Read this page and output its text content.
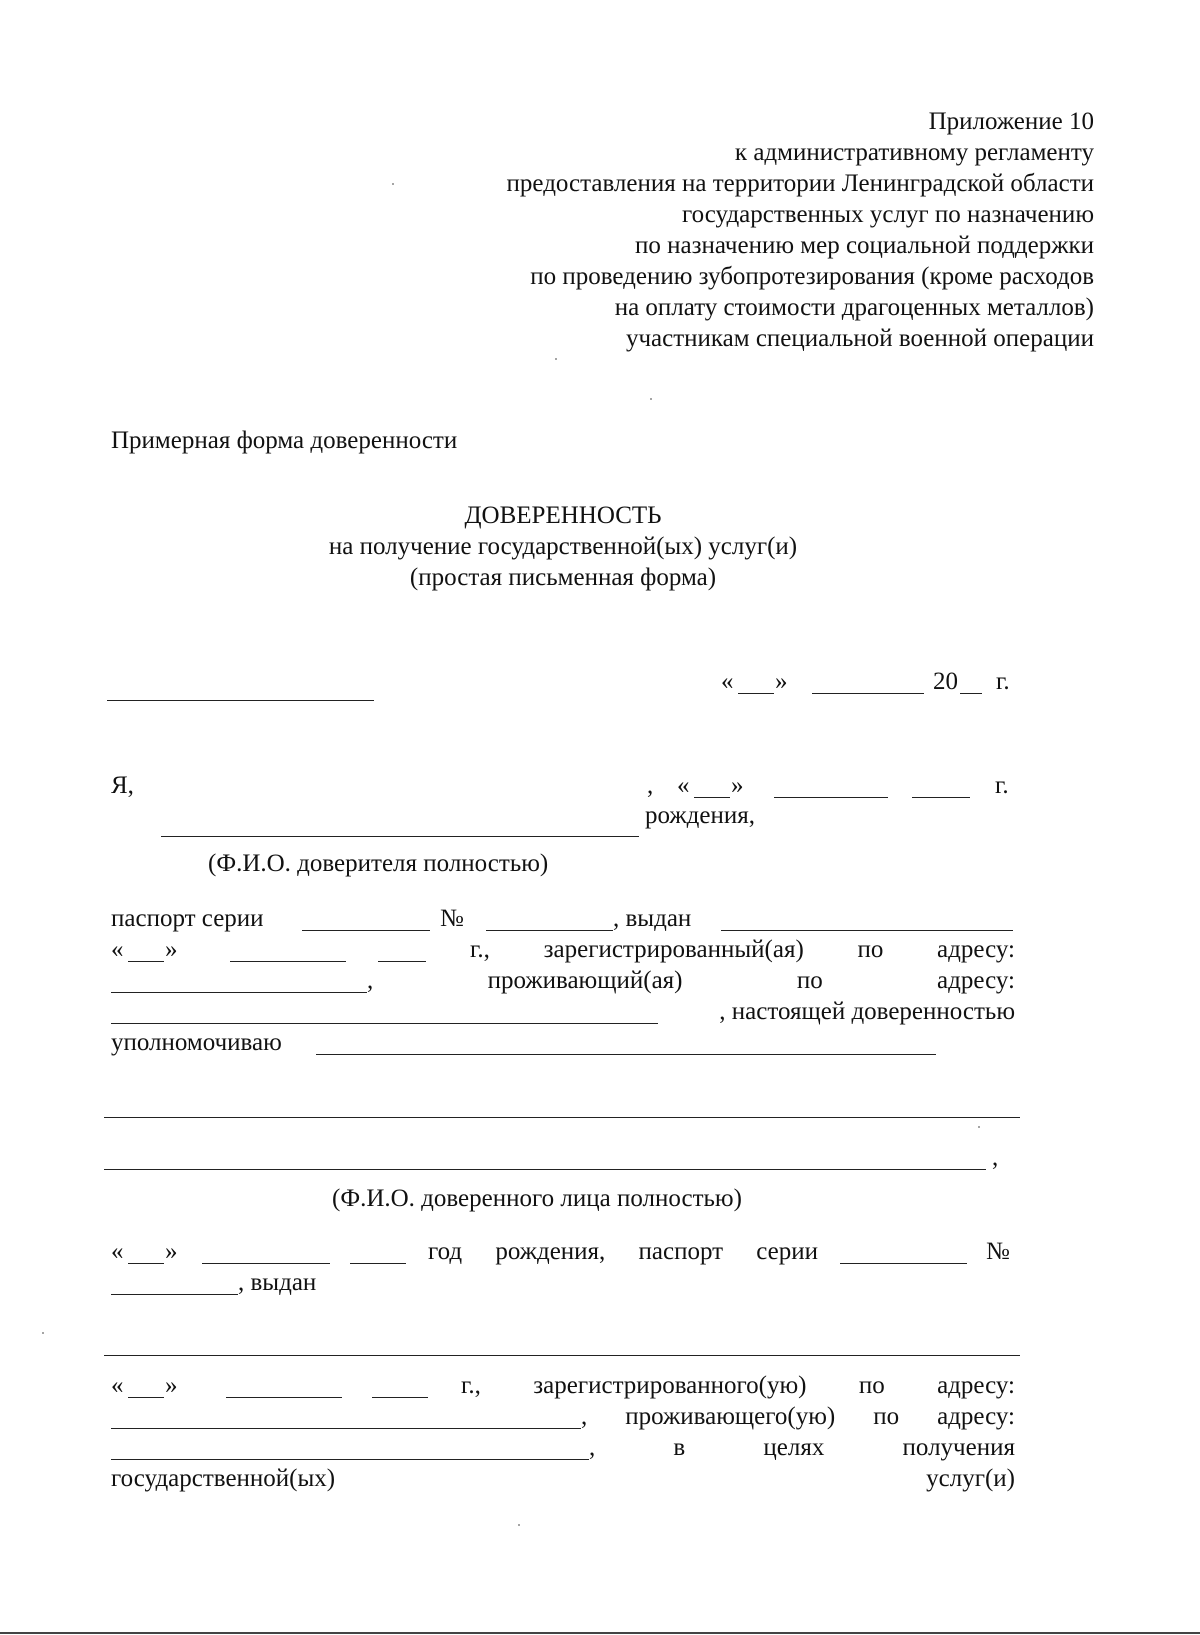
Приложение 10
к административному регламенту
предоставления на территории Ленинградской области
государственных услуг по назначению
по назначению мер социальной поддержки
по проведению зубопротезирования (кроме расходов
на оплату стоимости драгоценных металлов)
участникам специальной военной операции
Примерная форма доверенности
ДОВЕРЕННОСТЬ
на получение государственной(ых) услуг(и)
(простая письменная форма)
« »	20 г.
Я,	, « »	г.
рождения,
(Ф.И.О. доверителя полностью)
паспорт серии	№	, выдан
« »	г., зарегистрированный(ая) по адресу:
,	проживающий(ая)	по	адресу:
, настоящей доверенностью
уполномочиваю
,
(Ф.И.О. доверенного лица полностью)
« »	год рождения, паспорт серии	№
, выдан
« »	г., зарегистрированного(ую) по адресу:
, проживающего(ую) по адресу:
,	в	целях	получения
государственной(ых)	услуг(и)
